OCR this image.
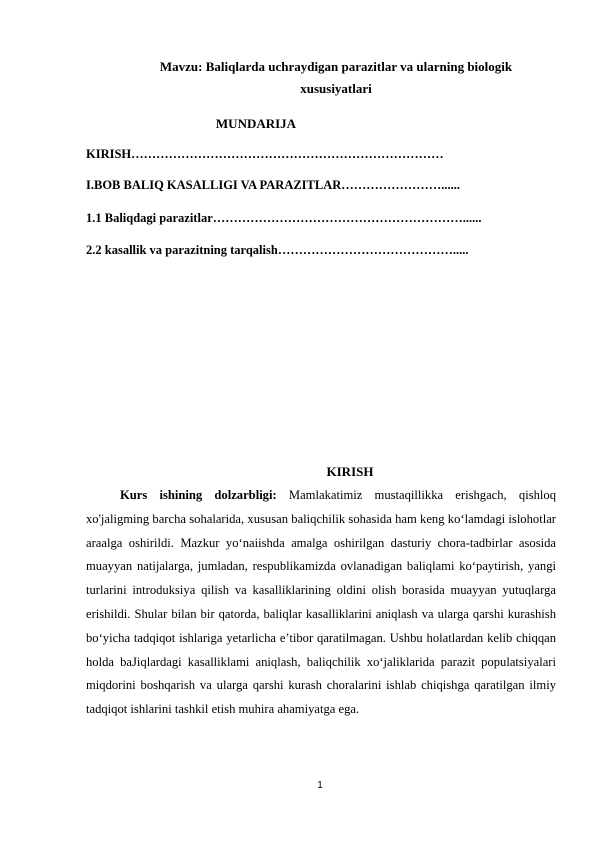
Mavzu: Baliqlarda uchraydigan parazitlar va ularning biologik
xususiyatlari
MUNDARIJA
KIRISH…………………………………………………………………
I.BOB BALIQ KASALLIGI VA PARAZITLAR……………………......
1.1 Baliqdagi parazitlar……………………………………………………......
2.2 kasallik va parazitning tarqalish…………………………………….....
KIRISH
Kurs ishining dolzarbligi: Mamlakatimiz mustaqillikka erishgach, qishloq xo'jaligming barcha sohalarida, xususan baliqchilik sohasida ham keng ko‘lamdagi islohotlar araalga oshirildi. Mazkur yo‘naiishda amalga oshirilgan dasturiy chora-tadbirlar asosida muayyan natijalarga, jumladan, respublikamizda ovlanadigan baliqlami ko‘paytirish, yangi turlarini introduksiya qilish va kasalliklarining oldini olish borasida muayyan yutuqlarga erishildi. Shular bilan bir qatorda, baliqlar kasalliklarini aniqlash va ularga qarshi kurashish bo‘yicha tadqiqot ishlariga yetarlicha e’tibor qaratilmagan. Ushbu holatlardan kelib chiqqan holda baJiqlardagi kasalliklami aniqlash, baliqchilik xo‘jaliklarida parazit populatsiyalari miqdorini boshqarish va ularga qarshi kurash choralarini ishlab chiqishga qaratilgan ilmiy tadqiqot ishlarini tashkil etish muhira ahamiyatga ega.
1
